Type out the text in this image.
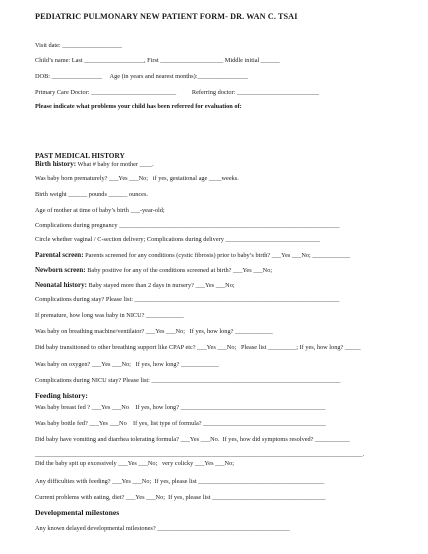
PEDIATRIC PULMONARY NEW PATIENT FORM- DR. WAN C. TSAI
Visit date: ___________________
Child’s name: Last ___________________, First ____________________ Middle initial ______
DOB: ________________     Age (in years and nearest months):________________
Primary Care Doctor: ___________________________          Referring doctor: __________________________
Please indicate what problems your child has been referred for evaluation of:
PAST MEDICAL HISTORY
Birth history: What # baby for mother ____.
Was baby born prematurely? ___Yes ___No;   if yes, gestational age ____weeks.
Birth weight ______ pounds ______ ounces.
Age of mother at time of baby’s birth ___-year-old;
Complications during pregnancy ______________________________________________________________________
Circle whether vaginal / C-section delivery; Complications during delivery ______________________________
Parental screen: Parents screened for any conditions (cystic fibrosis) prior to baby’s birth? ___Yes ___No; ____________
Newborn screen: Baby positive for any of the conditions screened at birth? ___Yes ___No;
Neonatal history: Baby stayed more than 2 days in nursery? ___Yes ___No;
Complications during stay? Please list: _________________________________________________________________
If premature, how long was baby in NICU? ____________
Was baby on breathing machine/ventilator? ___Yes ___No;   If yes, how long? ____________
Did baby transitioned to other breathing support like CPAP etc? ___Yes ___No;   Please list _________; If yes, how long? _____
Was baby on oxygen? ___Yes ___No;   If yes, how long? ____________
Complications during NICU stay? Please list: ____________________________________________________________
Feeding history:
Was baby breast fed ? ___Yes ___No    If yes, how long? ______________________________________________
Was baby bottle fed? ___Yes ___No    If yes, list type of formula? _______________________________________
Did baby have vomiting and diarrhea tolerating formula? ___Yes ___No.  If yes, how did symptoms resolved? ___________
________________________________________________________________________________________________________.
Did the baby spit up excessively ___Yes ___No;   very colicky ___Yes ___No;
Any difficulties with feeding? ___Yes ___No;  If yes, please list ________________________________________
Current problems with eating, diet? ___Yes ___No;  If yes, please list ____________________________________
Developmental milestones
Any known delayed developmental milestones? __________________________________________
